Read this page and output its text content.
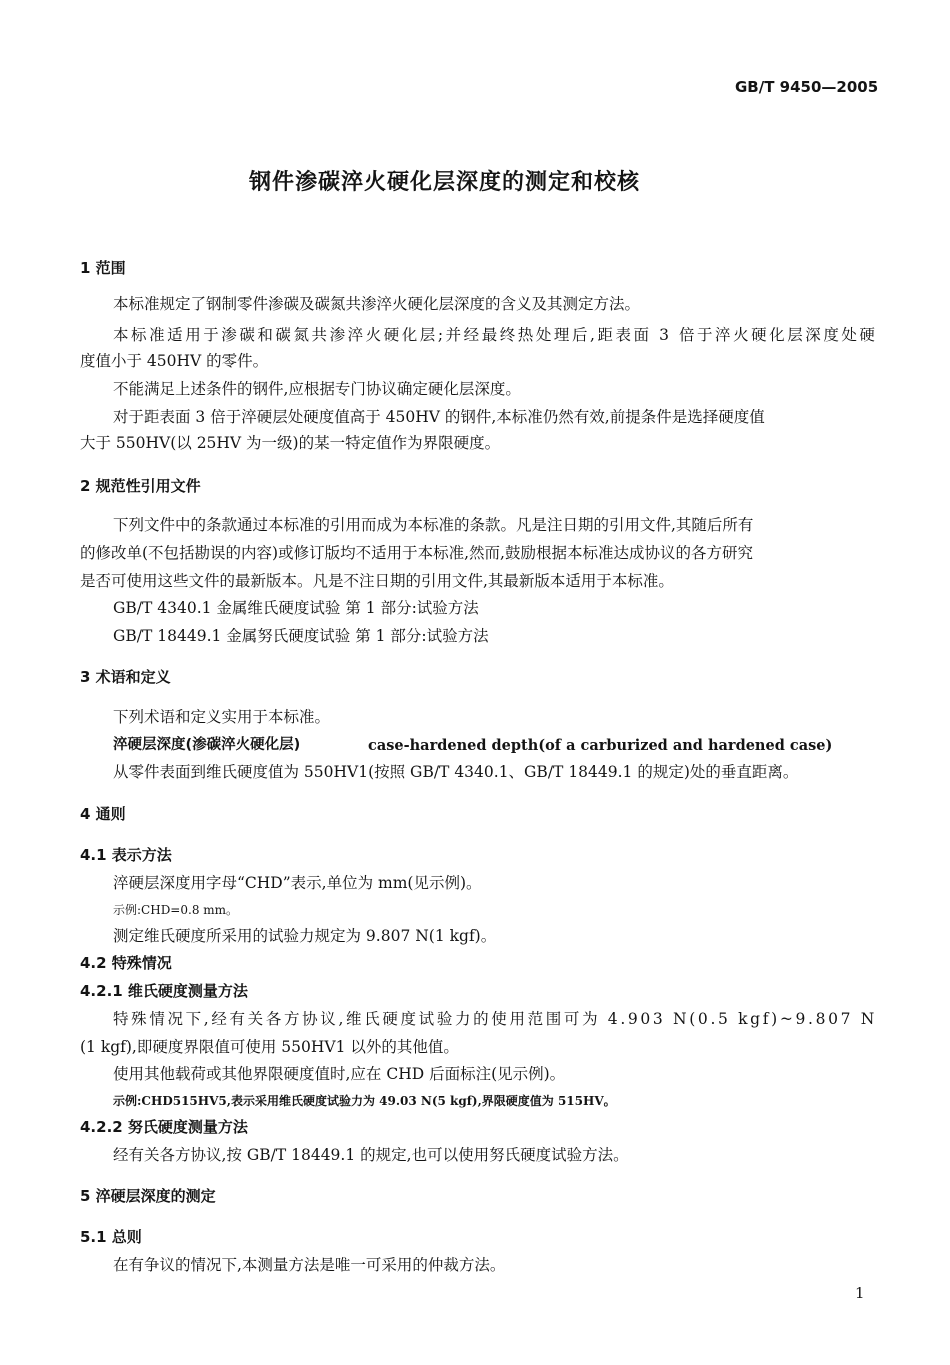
GB/T 9450—2005
钢件渗碳淬火硬化层深度的测定和校核
1 范围
本标准规定了钢制零件渗碳及碳氮共渗淬火硬化层深度的含义及其测定方法。
本 标 准 适 用 于 渗 碳 和 碳 氮 共 渗 淬 火 硬 化 层 ; 并 经 最 终 热 处 理 后 , 距 表 面
3
倍 于 淬 火 硬 化 层 深 度 处 硬
度值小于 450HV 的零件。
不能满足上述条件的钢件,应根据专门协议确定硬化层深度。
对于距表面 3 倍于淬硬层处硬度值高于 450HV 的钢件,本标准仍然有效,前提条件是选择硬度值
大于 550HV(以 25HV 为一级)的某一特定值作为界限硬度。
2 规范性引用文件
下列文件中的条款通过本标准的引用而成为本标准的条款。凡是注日期的引用文件,其随后所有
的修改单(不包括勘误的内容)或修订版均不适用于本标准,然而,鼓励根据本标准达成协议的各方研究
是否可使用这些文件的最新版本。凡是不注日期的引用文件,其最新版本适用于本标准。
GB/T 4340.1 金属维氏硬度试验 第 1 部分:试验方法
GB/T 18449.1 金属努氏硬度试验 第 1 部分:试验方法
3 术语和定义
下列术语和定义实用于本标准。
淬硬层深度(渗碳淬火硬化层)	case-hardened depth(of a carburized and hardened case)
从零件表面到维氏硬度值为 550HV1(按照 GB/T 4340.1、GB/T 18449.1 的规定)处的垂直距离。
4 通则
4.1 表示方法
淬硬层深度用字母“CHD”表示,单位为 mm(见示例)。
示例:CHD=0.8 mm。
测定维氏硬度所采用的试验力规定为 9.807 N(1 kgf)。
4.2 特殊情况
4.2.1 维氏硬度测量方法
特 殊 情 况 下 , 经 有 关 各 方 协 议 , 维 氏 硬 度 试 验 力 的 使 用 范 围 可 为
4 . 9 0 3
N ( 0 . 5
k g f ) ~ 9 . 8 0 7
N
(1 kgf),即硬度界限值可使用 550HV1 以外的其他值。
使用其他载荷或其他界限硬度值时,应在 CHD 后面标注(见示例)。
示例:CHD515HV5,表示采用维氏硬度试验力为 49.03 N(5 kgf),界限硬度值为 515HV。
4.2.2 努氏硬度测量方法
经有关各方协议,按 GB/T 18449.1 的规定,也可以使用努氏硬度试验方法。
5 淬硬层深度的测定
5.1 总则
在有争议的情况下,本测量方法是唯一可采用的仲裁方法。
1
